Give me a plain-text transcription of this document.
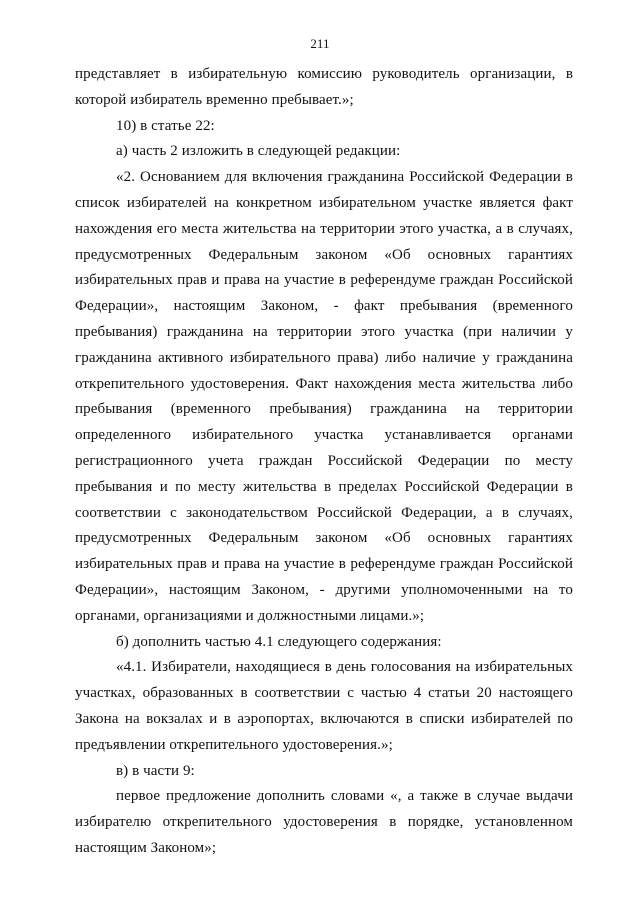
211

представляет в избирательную комиссию руководитель организации, в которой избиратель временно пребывает.»;

10) в статье 22:

а) часть 2 изложить в следующей редакции:

«2. Основанием для включения гражданина Российской Федерации в список избирателей на конкретном избирательном участке является факт нахождения его места жительства на территории этого участка, а в случаях, предусмотренных Федеральным законом «Об основных гарантиях избирательных прав и права на участие в референдуме граждан Российской Федерации», настоящим Законом, - факт пребывания (временного пребывания) гражданина на территории этого участка (при наличии у гражданина активного избирательного права) либо наличие у гражданина открепительного удостоверения. Факт нахождения места жительства либо пребывания (временного пребывания) гражданина на территории определенного избирательного участка устанавливается органами регистрационного учета граждан Российской Федерации по месту пребывания и по месту жительства в пределах Российской Федерации в соответствии с законодательством Российской Федерации, а в случаях, предусмотренных Федеральным законом «Об основных гарантиях избирательных прав и права на участие в референдуме граждан Российской Федерации», настоящим Законом, - другими уполномоченными на то органами, организациями и должностными лицами.»;

б) дополнить частью 4.1 следующего содержания:

«4.1. Избиратели, находящиеся в день голосования на избирательных участках, образованных в соответствии с частью 4 статьи 20 настоящего Закона на вокзалах и в аэропортах, включаются в списки избирателей по предъявлении открепительного удостоверения.»;

в) в части 9:

первое предложение дополнить словами «, а также в случае выдачи избирателю открепительного удостоверения в порядке, установленном настоящим Законом»;
